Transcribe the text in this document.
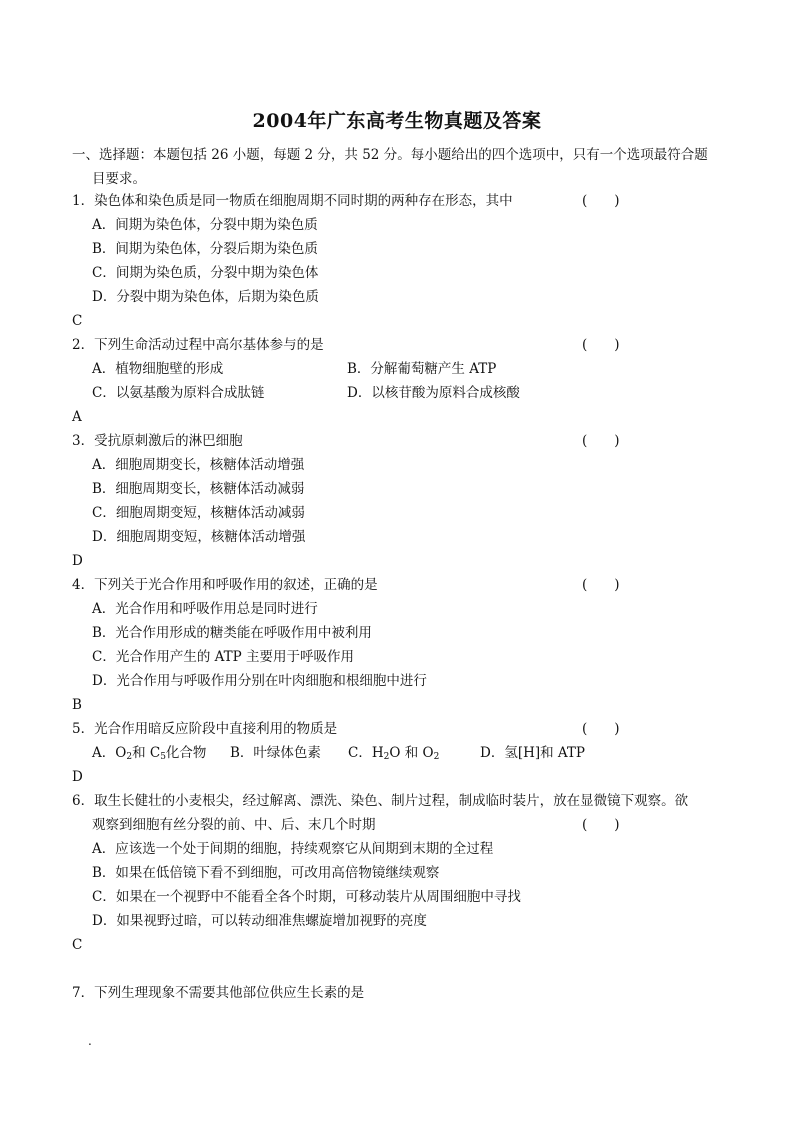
2004年广东高考生物真题及答案
一、选择题：本题包括 26 小题，每题 2 分，共 52 分。每小题给出的四个选项中，只有一个选项最符合题
目要求。
1．染色体和染色质是同一物质在细胞周期不同时期的两种存在形态，其中	(　　)
A．间期为染色体，分裂中期为染色质
B．间期为染色体，分裂后期为染色质
C．间期为染色质，分裂中期为染色体
D．分裂中期为染色体，后期为染色质
C
2．下列生命活动过程中高尔基体参与的是	(　　)
A．植物细胞壁的形成	B．分解葡萄糖产生 ATP
C．以氨基酸为原料合成肽链	D．以核苷酸为原料合成核酸
A
3．受抗原刺激后的淋巴细胞	(　　)
A．细胞周期变长，核糖体活动增强
B．细胞周期变长，核糖体活动减弱
C．细胞周期变短，核糖体活动减弱
D．细胞周期变短，核糖体活动增强
D
4．下列关于光合作用和呼吸作用的叙述，正确的是	(　　)
A．光合作用和呼吸作用总是同时进行
B．光合作用形成的糖类能在呼吸作用中被利用
C．光合作用产生的 ATP 主要用于呼吸作用
D．光合作用与呼吸作用分别在叶肉细胞和根细胞中进行
B
5．光合作用暗反应阶段中直接利用的物质是	(　　)
A．$O_2$和 $C_5$化合物 B．叶绿体色素 C．$H_2O$ 和 $O_2$	D．氢[H]和 ATP
D
6．取生长健壮的小麦根尖，经过解离、漂洗、染色、制片过程，制成临时装片，放在显微镜下观察。欲
观察到细胞有丝分裂的前、中、后、末几个时期	(　　)
A．应该选一个处于间期的细胞，持续观察它从间期到末期的全过程
B．如果在低倍镜下看不到细胞，可改用高倍物镜继续观察
C．如果在一个视野中不能看全各个时期，可移动装片从周围细胞中寻找
D．如果视野过暗，可以转动细准焦螺旋增加视野的亮度
C
7．下列生理现象不需要其他部位供应生长素的是
.
